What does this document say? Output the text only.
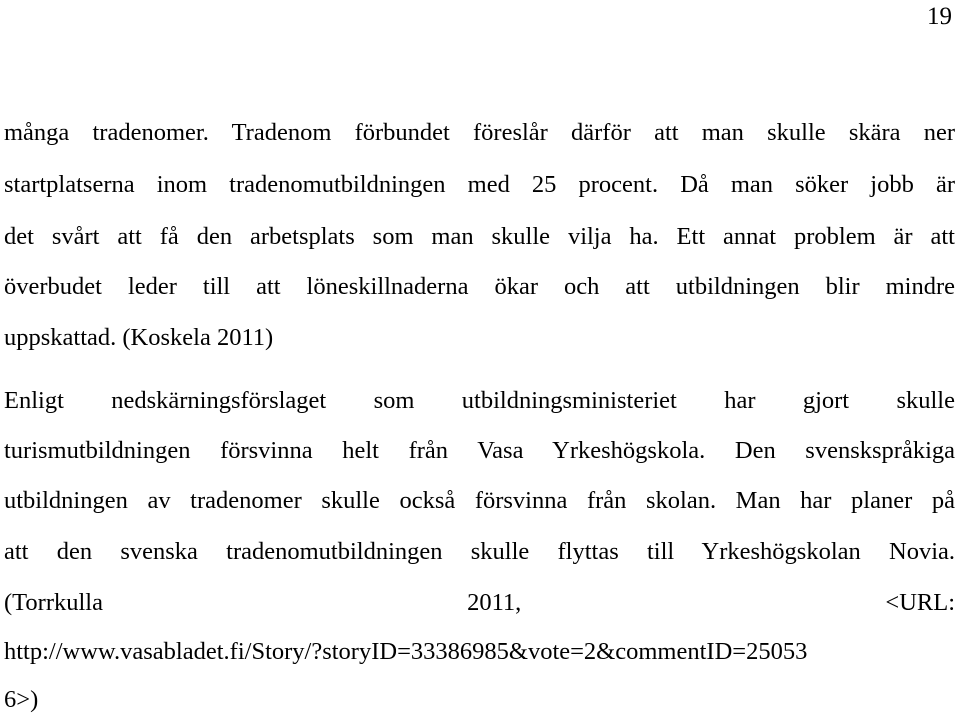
19
många tradenomer. Tradenom förbundet föreslår därför att man skulle skära ner
startplatserna inom tradenomutbildningen med 25 procent. Då man söker jobb är
det svårt att få den arbetsplats som man skulle vilja ha. Ett annat problem är att
överbudet leder till att löneskillnaderna ökar och att utbildningen blir mindre
uppskattad. (Koskela 2011)
Enligt nedskärningsförslaget som utbildningsministeriet har gjort skulle
turismutbildningen försvinna helt från Vasa Yrkeshögskola. Den svenskspråkiga
utbildningen av tradenomer skulle också försvinna från skolan. Man har planer på
att den svenska tradenomutbildningen skulle flyttas till Yrkeshögskolan Novia.
(Torrkulla 2011, <URL:
http://www.vasabladet.fi/Story/?storyID=33386985&vote=2&commentID=25053
6>)
